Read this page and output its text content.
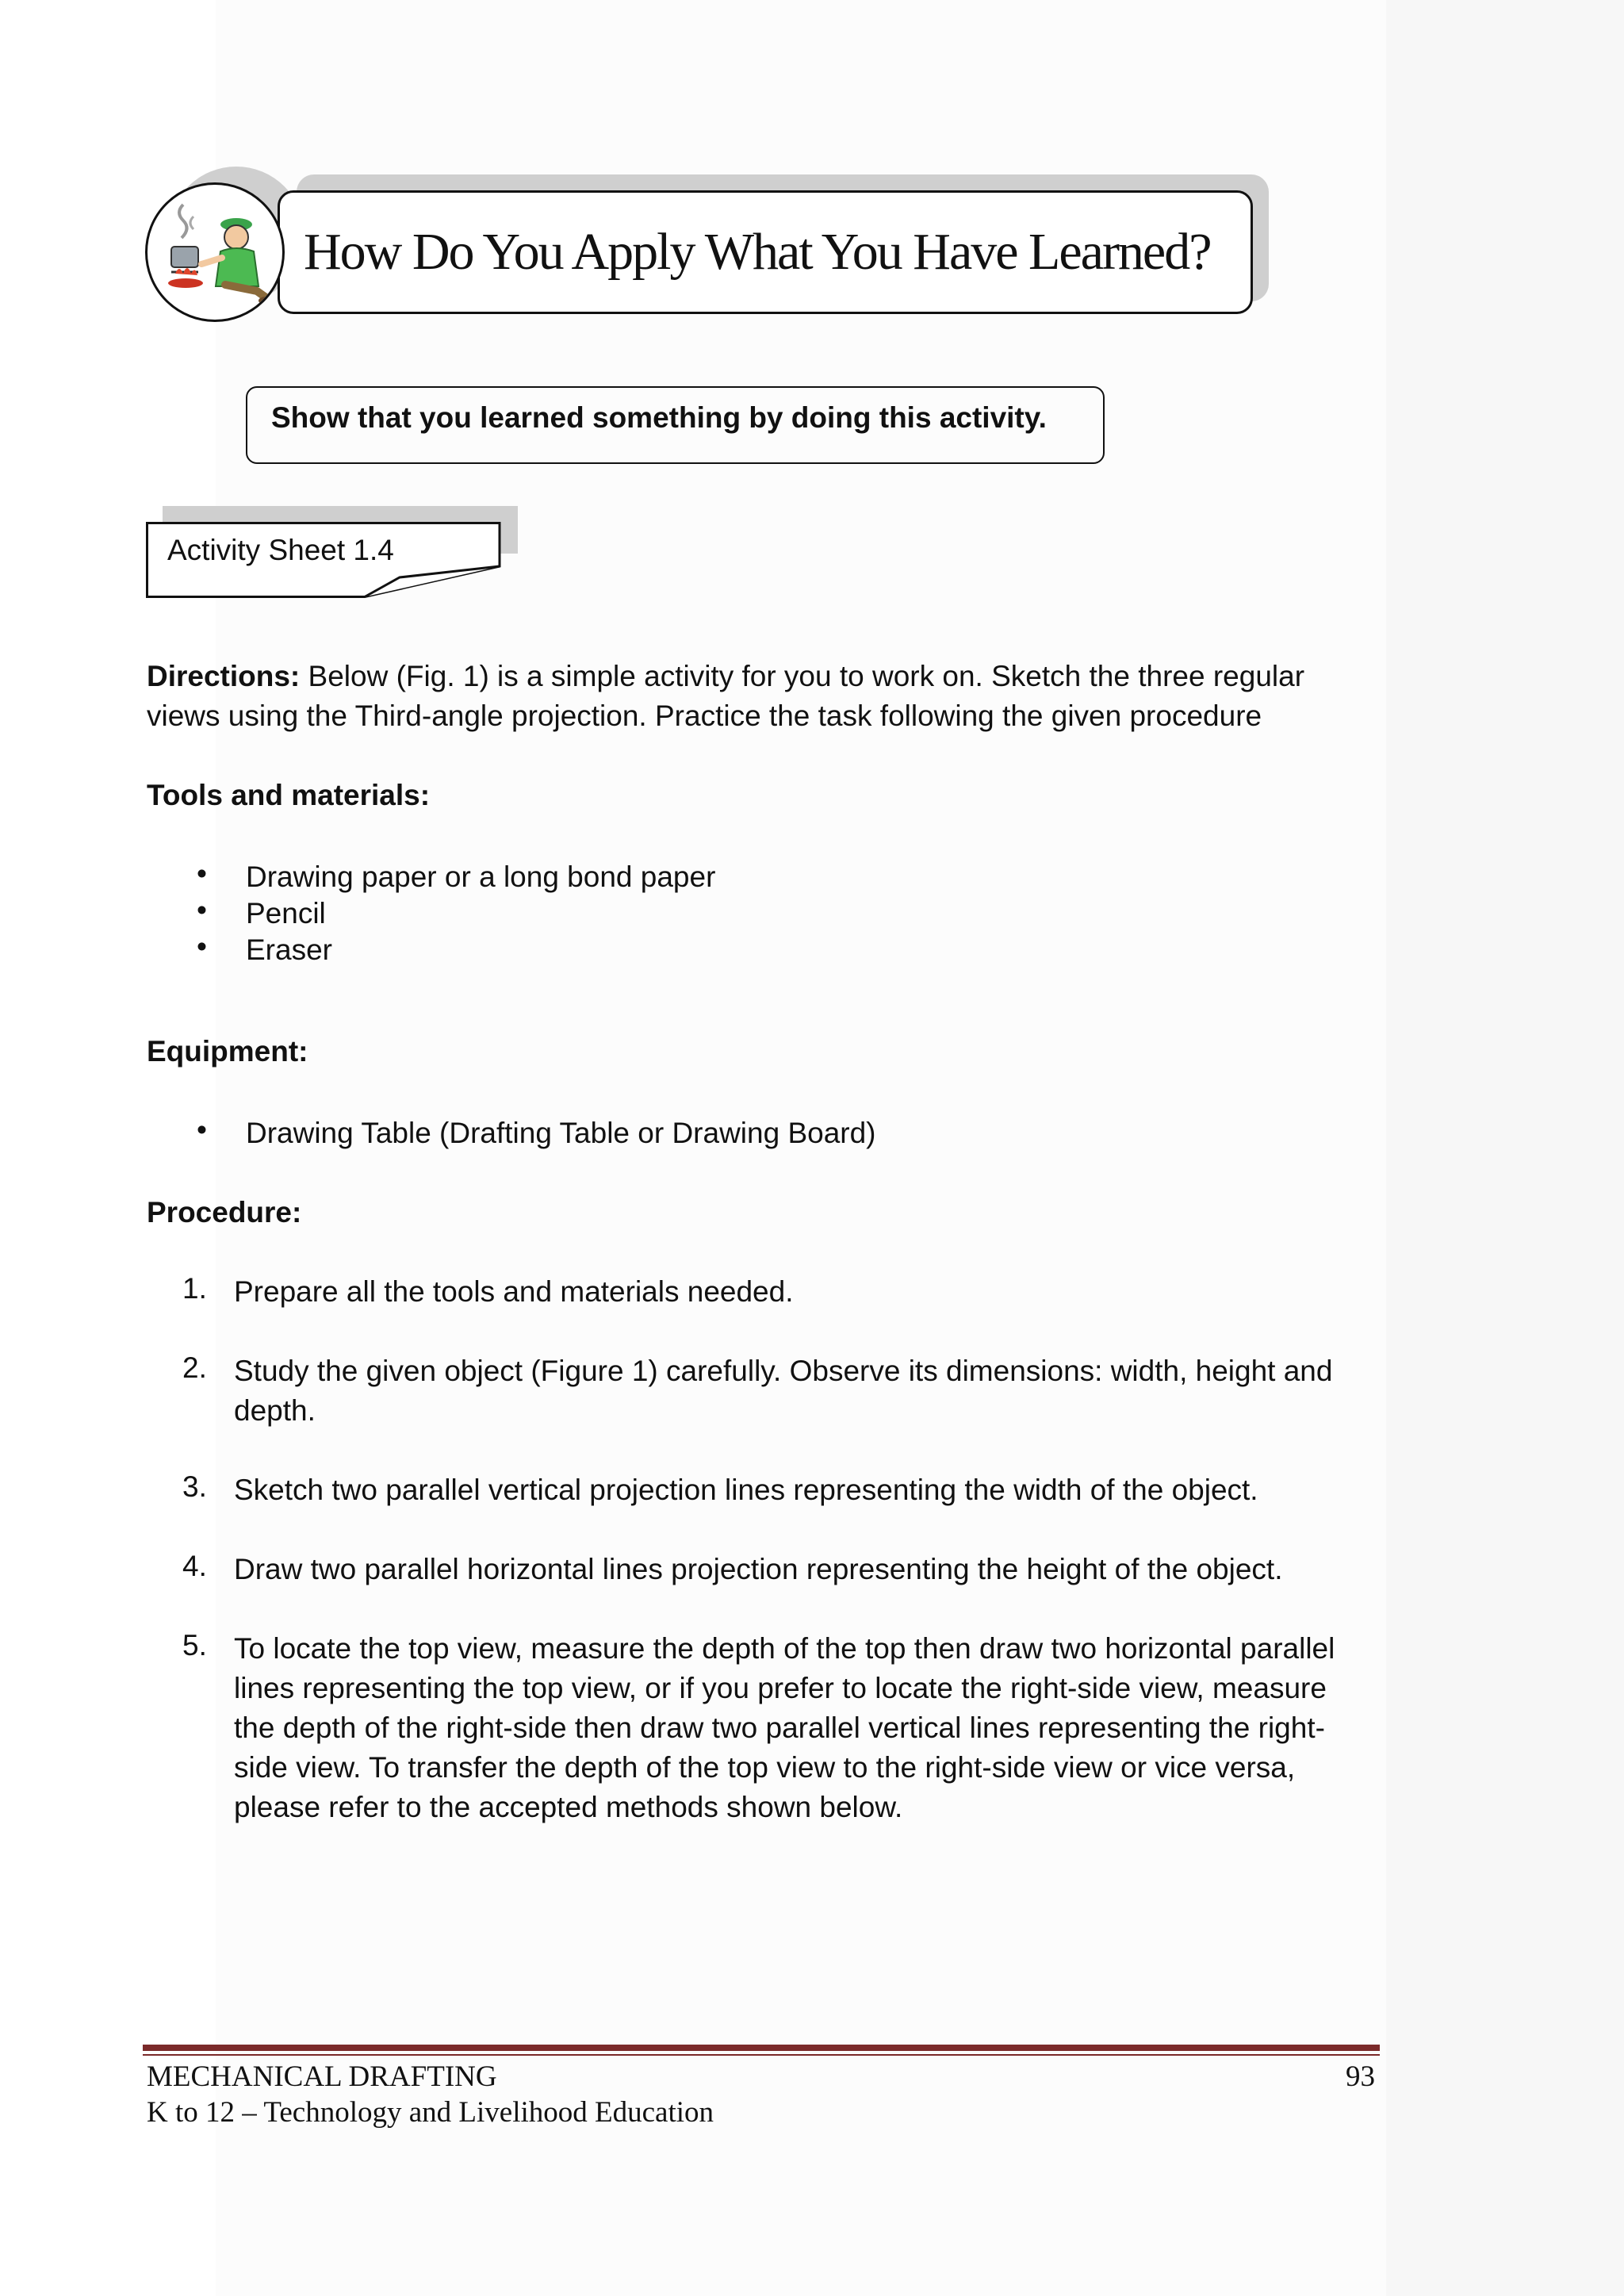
How Do You Apply What You Have Learned?
Show that you learned something by doing this activity.
Activity Sheet 1.4
Directions: Below (Fig. 1) is a simple activity for you to work on. Sketch the three regular
views using the Third-angle projection. Practice the task following the given procedure
Tools and materials:
• Drawing paper or a long bond paper
• Pencil
• Eraser
Equipment:
• Drawing Table (Drafting Table or Drawing Board)
Procedure:
1. Prepare all the tools and materials needed.
2. Study the given object (Figure 1) carefully. Observe its dimensions: width, height and
depth.
3. Sketch two parallel vertical projection lines representing the width of the object.
4. Draw two parallel horizontal lines projection representing the height of the object.
5. To locate the top view, measure the depth of the top then draw two horizontal parallel
lines representing the top view, or if you prefer to locate the right-side view, measure
the depth of the right-side then draw two parallel vertical lines representing the right-
side view. To transfer the depth of the top view to the right-side view or vice versa,
please refer to the accepted methods shown below.
MECHANICAL DRAFTING	93
K to 12 – Technology and Livelihood Education
